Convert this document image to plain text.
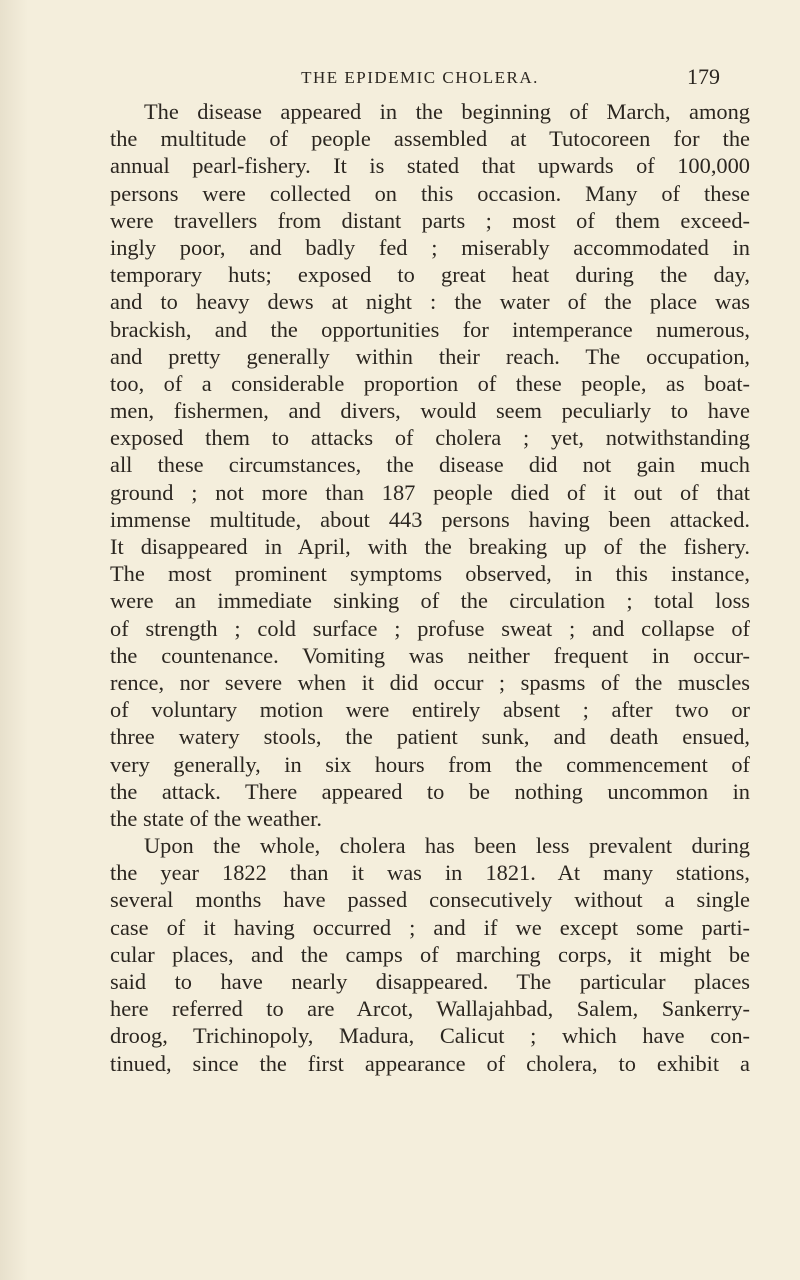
THE EPIDEMIC CHOLERA.	179
The disease appeared in the beginning of March, among
the multitude of people assembled at Tutocoreen for the
annual pearl-fishery. It is stated that upwards of 100,000
persons were collected on this occasion. Many of these
were travellers from distant parts ; most of them exceed-
ingly poor, and badly fed ; miserably accommodated in
temporary huts; exposed to great heat during the day,
and to heavy dews at night : the water of the place was
brackish, and the opportunities for intemperance numerous,
and pretty generally within their reach. The occupation,
too, of a considerable proportion of these people, as boat-
men, fishermen, and divers, would seem peculiarly to have
exposed them to attacks of cholera ; yet, notwithstanding
all these circumstances, the disease did not gain much
ground ; not more than 187 people died of it out of that
immense multitude, about 443 persons having been attacked.
It disappeared in April, with the breaking up of the fishery.
The most prominent symptoms observed, in this instance,
were an immediate sinking of the circulation ; total loss
of strength ; cold surface ; profuse sweat ; and collapse of
the countenance. Vomiting was neither frequent in occur-
rence, nor severe when it did occur ; spasms of the muscles
of voluntary motion were entirely absent ; after two or
three watery stools, the patient sunk, and death ensued,
very generally, in six hours from the commencement of
the attack. There appeared to be nothing uncommon in
the state of the weather.
Upon the whole, cholera has been less prevalent during
the year 1822 than it was in 1821. At many stations,
several months have passed consecutively without a single
case of it having occurred ; and if we except some parti-
cular places, and the camps of marching corps, it might be
said to have nearly disappeared. The particular places
here referred to are Arcot, Wallajahbad, Salem, Sankerry-
droog, Trichinopoly, Madura, Calicut ; which have con-
tinued, since the first appearance of cholera, to exhibit a
